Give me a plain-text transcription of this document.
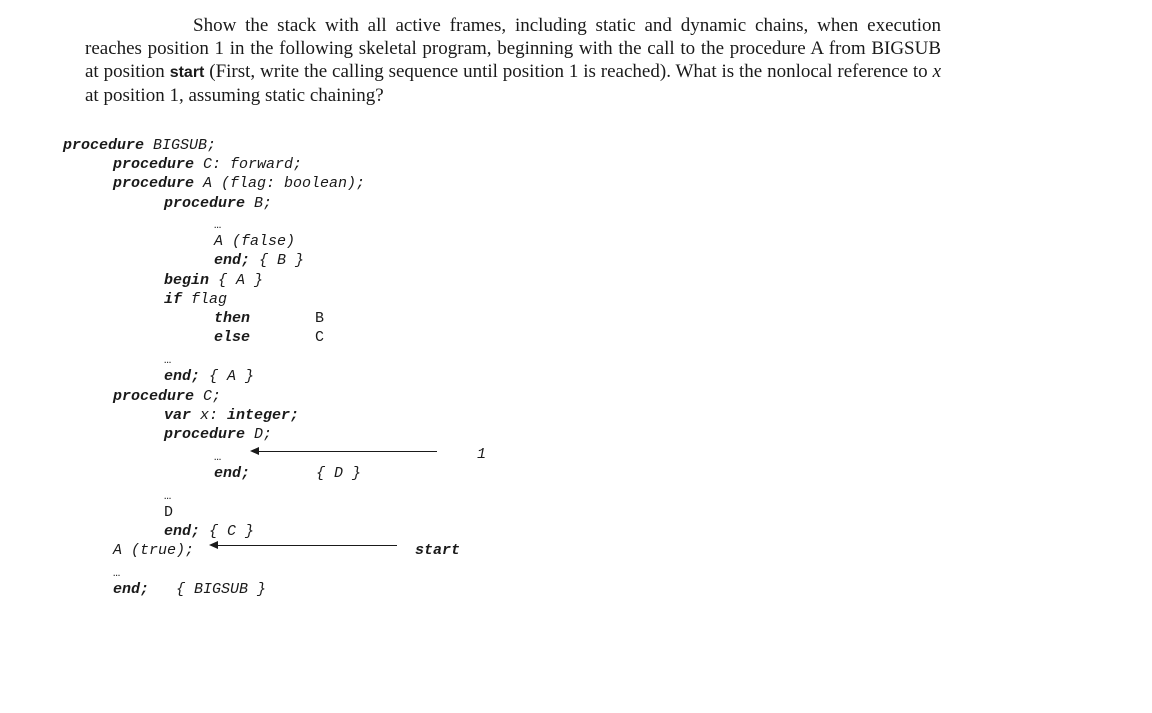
Show the stack with all active frames, including static and dynamic chains, when execution reaches position 1 in the following skeletal program, beginning with the call to the procedure A from BIGSUB at position start (First, write the calling sequence until position 1 is reached). What is the nonlocal reference to x at position 1, assuming static chaining?

procedure BIGSUB;
procedure C: forward;
procedure A (flag: boolean);
procedure B;
…
A (false)
end; { B }
begin { A }
if flag
then	B
else	C
…
end; { A }
procedure C;
var x: integer;
procedure D;
…	1
end;	{ D }
…
D
end; { C }
A (true);	start
…
end; { BIGSUB }
